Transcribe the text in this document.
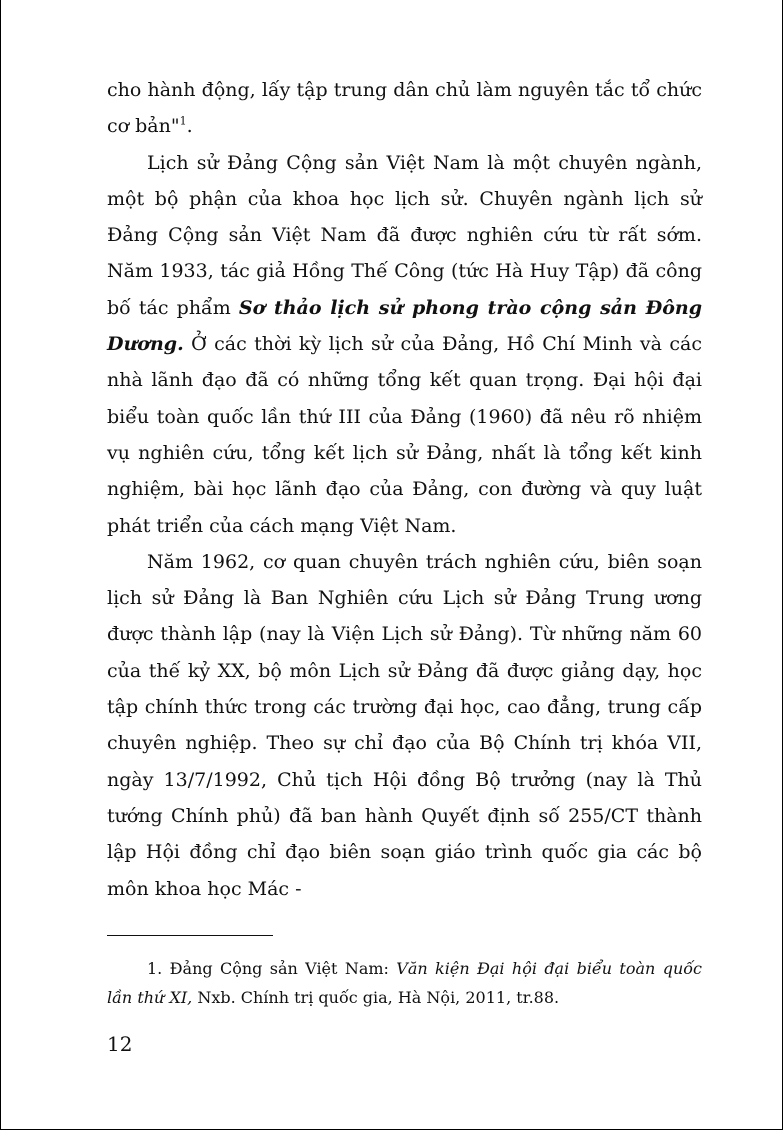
cho hành động, lấy tập trung dân chủ làm nguyên tắc tổ chức cơ bản"$^1$.

Lịch sử Đảng Cộng sản Việt Nam là một chuyên ngành, một bộ phận của khoa học lịch sử. Chuyên ngành lịch sử Đảng Cộng sản Việt Nam đã được nghiên cứu từ rất sớm. Năm 1933, tác giả Hồng Thế Công (tức Hà Huy Tập) đã công bố tác phẩm Sơ thảo lịch sử phong trào cộng sản Đông Dương. Ở các thời kỳ lịch sử của Đảng, Hồ Chí Minh và các nhà lãnh đạo đã có những tổng kết quan trọng. Đại hội đại biểu toàn quốc lần thứ III của Đảng (1960) đã nêu rõ nhiệm vụ nghiên cứu, tổng kết lịch sử Đảng, nhất là tổng kết kinh nghiệm, bài học lãnh đạo của Đảng, con đường và quy luật phát triển của cách mạng Việt Nam.

Năm 1962, cơ quan chuyên trách nghiên cứu, biên soạn lịch sử Đảng là Ban Nghiên cứu Lịch sử Đảng Trung ương được thành lập (nay là Viện Lịch sử Đảng). Từ những năm 60 của thế kỷ XX, bộ môn Lịch sử Đảng đã được giảng dạy, học tập chính thức trong các trường đại học, cao đẳng, trung cấp chuyên nghiệp. Theo sự chỉ đạo của Bộ Chính trị khóa VII, ngày 13/7/1992, Chủ tịch Hội đồng Bộ trưởng (nay là Thủ tướng Chính phủ) đã ban hành Quyết định số 255/CT thành lập Hội đồng chỉ đạo biên soạn giáo trình quốc gia các bộ môn khoa học Mác -

1. Đảng Cộng sản Việt Nam: Văn kiện Đại hội đại biểu toàn quốc lần thứ XI, Nxb. Chính trị quốc gia, Hà Nội, 2011, tr.88.
12
